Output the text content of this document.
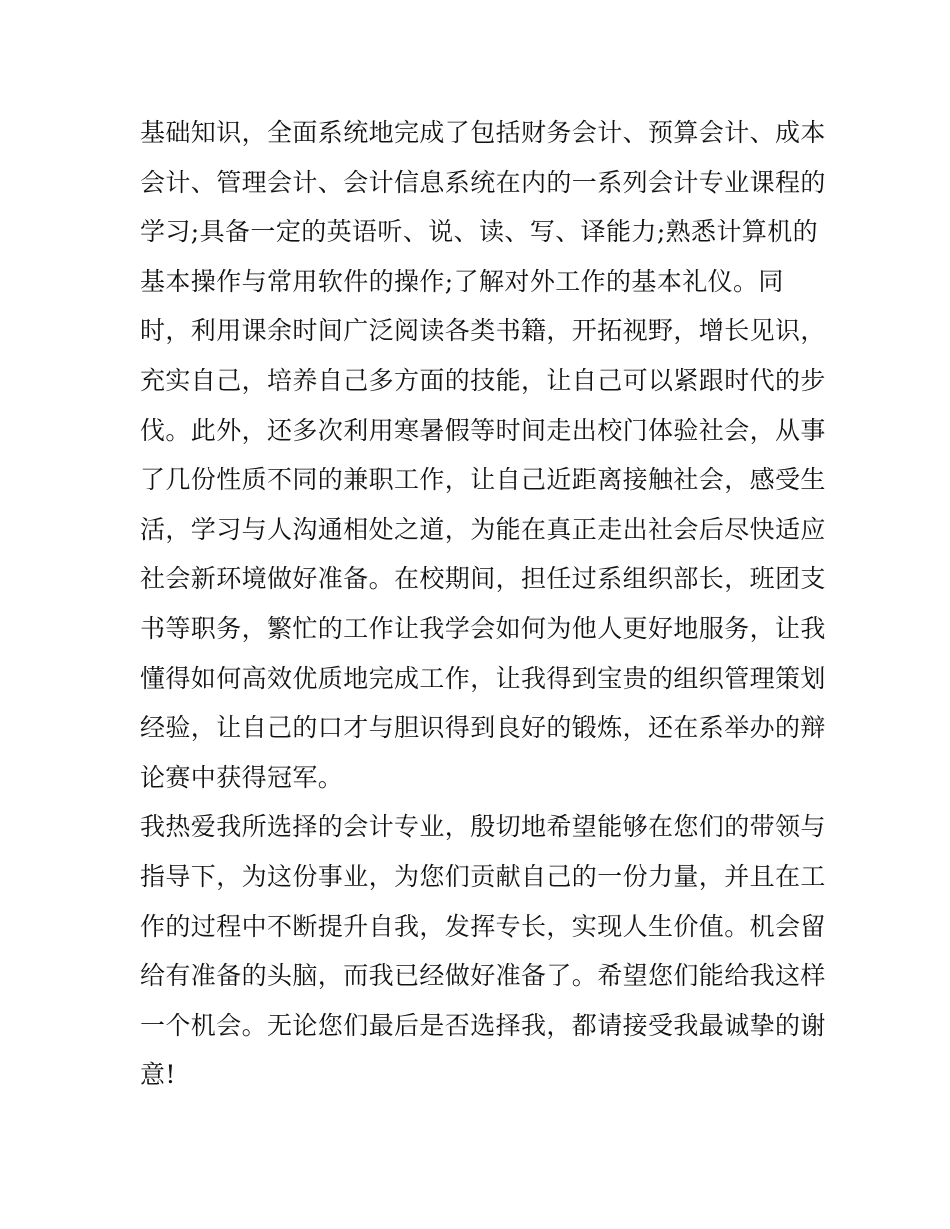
基础知识，全面系统地完成了包括财务会计、预算会计、成本
会计、管理会计、会计信息系统在内的一系列会计专业课程的
学习;具备一定的英语听、说、读、写、译能力;熟悉计算机的
基本操作与常用软件的操作;了解对外工作的基本礼仪。同
时，利用课余时间广泛阅读各类书籍，开拓视野，增长见识，
充实自己，培养自己多方面的技能，让自己可以紧跟时代的步
伐。此外，还多次利用寒暑假等时间走出校门体验社会，从事
了几份性质不同的兼职工作，让自己近距离接触社会，感受生
活，学习与人沟通相处之道，为能在真正走出社会后尽快适应
社会新环境做好准备。在校期间，担任过系组织部长，班团支
书等职务，繁忙的工作让我学会如何为他人更好地服务，让我
懂得如何高效优质地完成工作，让我得到宝贵的组织管理策划
经验，让自己的口才与胆识得到良好的锻炼，还在系举办的辩
论赛中获得冠军。
我热爱我所选择的会计专业，殷切地希望能够在您们的带领与
指导下，为这份事业，为您们贡献自己的一份力量，并且在工
作的过程中不断提升自我，发挥专长，实现人生价值。机会留
给有准备的头脑，而我已经做好准备了。希望您们能给我这样
一个机会。无论您们最后是否选择我，都请接受我最诚挚的谢
意!
